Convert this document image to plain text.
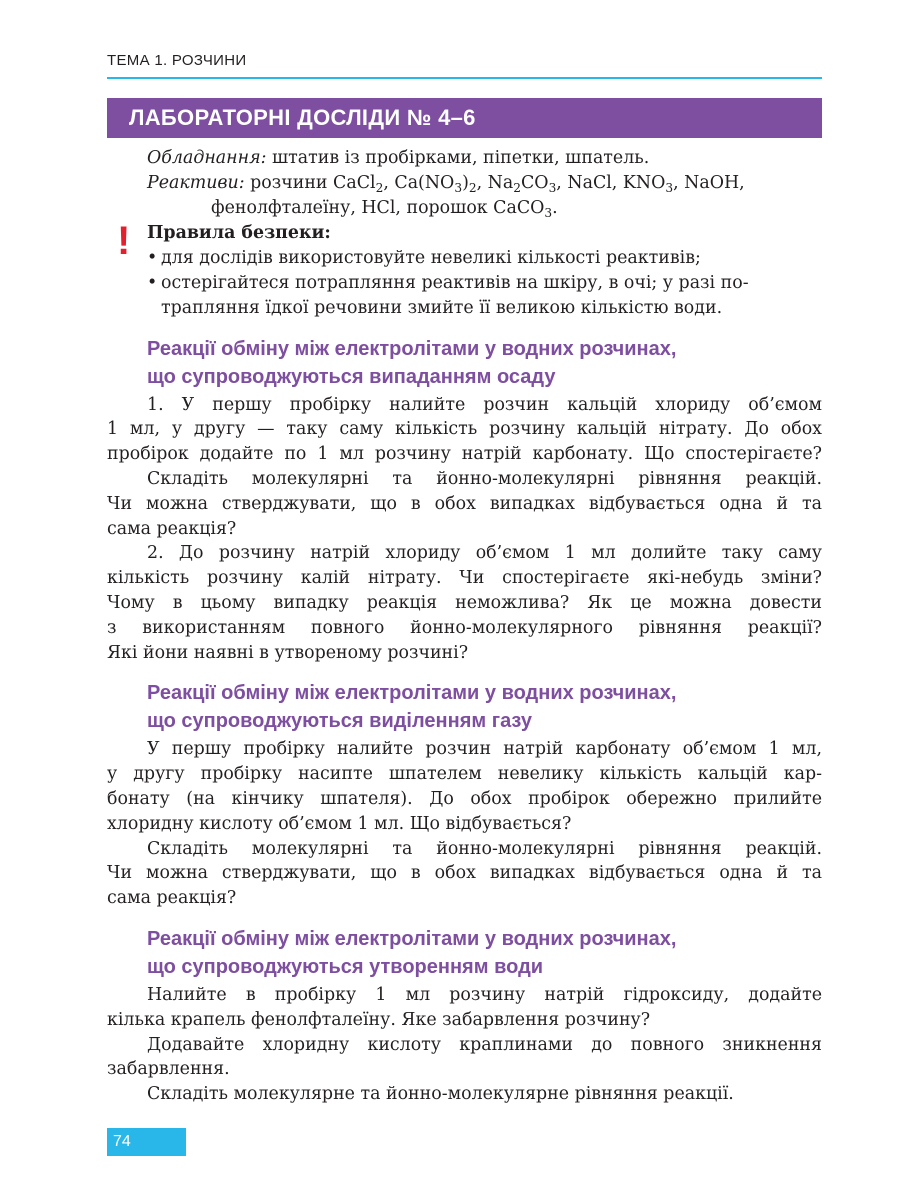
ТЕМА 1. РОЗЧИНИ
ЛАБОРАТОРНІ ДОСЛІДИ № 4–6
Обладнання: штатив із пробірками, піпетки, шпатель.
Реактиви: розчини CaCl$_2$, $Ca(NO_3)_2$, $Na_2CO_3$, NaCl, $KNO_3$, NaOH,
фенолфталеїну, HCl, порошок CaCO$_3$.
! Правила безпеки:
• для дослідів використовуйте невеликі кількості реактивів;
• остерігайтеся потрапляння реактивів на шкіру, в очі; у разі по-
трапляння їдкої речовини змийте її великою кількістю води.
Реакції обміну між електролітами у водних розчинах,
що супроводжуються випаданням осаду
1. У першу пробірку налийте розчин кальцій хлориду об’ємом
1 мл, у другу — таку саму кількість розчину кальцій нітрату. До обох
пробірок додайте по 1 мл розчину натрій карбонату. Що спостерігаєте?
Складіть молекулярні та йонно-молекулярні рівняння реакцій.
Чи можна стверджувати, що в обох випадках відбувається одна й та
сама реакція?
2. До розчину натрій хлориду об’ємом 1 мл долийте таку саму
кількість розчину калій нітрату. Чи спостерігаєте які-небудь зміни?
Чому в цьому випадку реакція неможлива? Як це можна довести
з використанням повного йонно-молекулярного рівняння реакції?
Які йони наявні в утвореному розчині?
Реакції обміну між електролітами у водних розчинах,
що супроводжуються виділенням газу
У першу пробірку налийте розчин натрій карбонату об’ємом 1 мл,
у другу пробірку насипте шпателем невелику кількість кальцій кар-
бонату (на кінчику шпателя). До обох пробірок обережно прилийте
хлоридну кислоту об’ємом 1 мл. Що відбувається?
Складіть молекулярні та йонно-молекулярні рівняння реакцій.
Чи можна стверджувати, що в обох випадках відбувається одна й та
сама реакція?
Реакції обміну між електролітами у водних розчинах,
що супроводжуються утворенням води
Налийте в пробірку 1 мл розчину натрій гідроксиду, додайте
кілька крапель фенолфталеїну. Яке забарвлення розчину?
Додавайте хлоридну кислоту краплинами до повного зникнення
забарвлення.
Складіть молекулярне та йонно-молекулярне рівняння реакції.
74
